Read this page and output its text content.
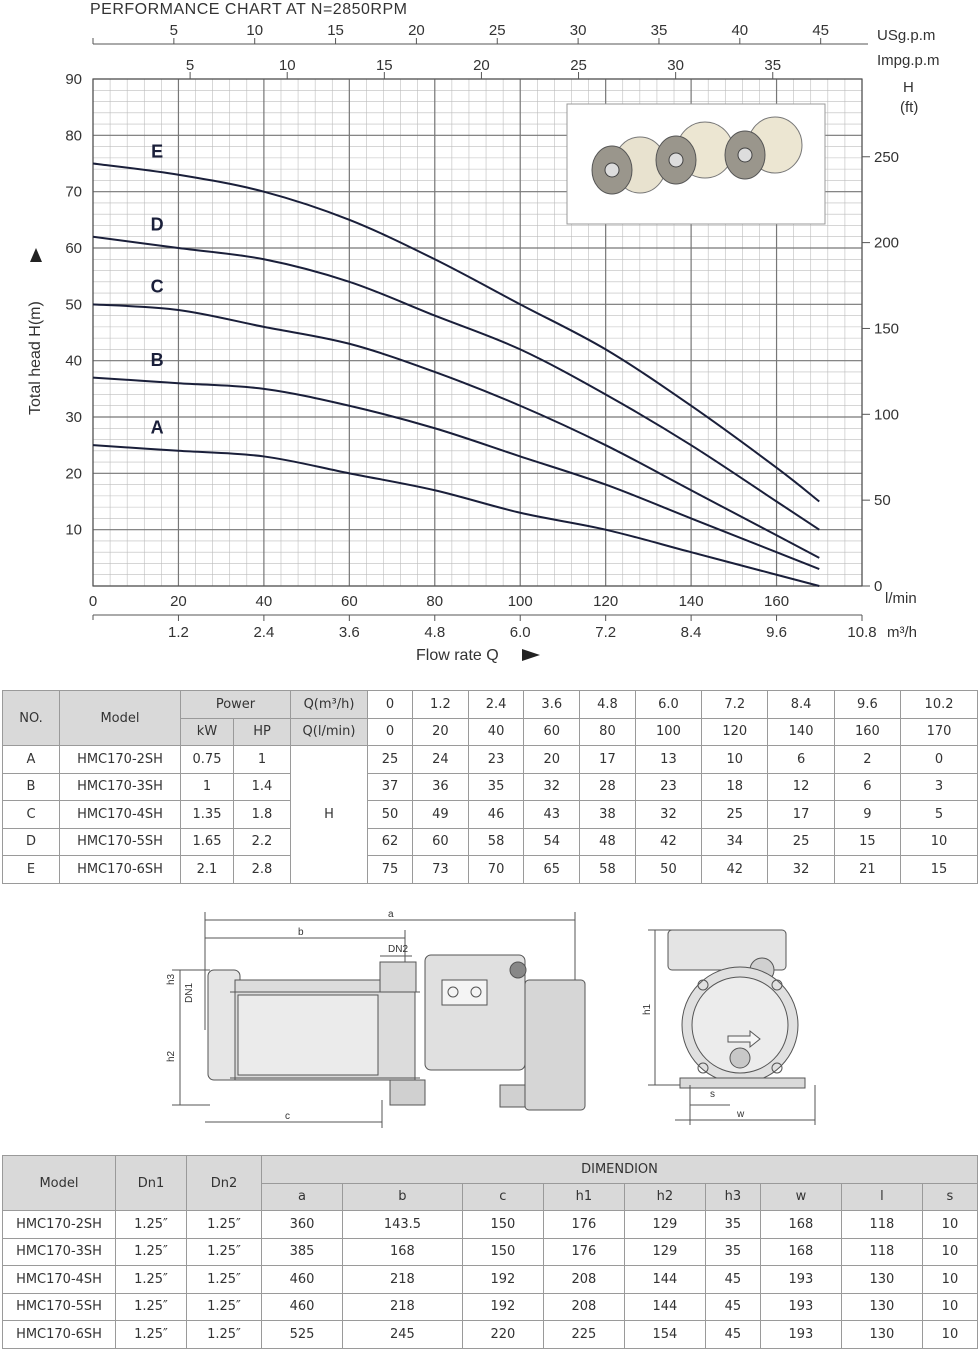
PERFORMANCE CHART AT N=2850RPM
10
20
30
40
50
60
70
80
90
0
50
100
150
200
250
0	20	40	60	80	100	120	140	160	l/min
1.2	2.4	3.6	4.8	6.0	7.2	8.4	9.6	10.8 m³/h
5	10	15	20	25	30	35	40	45	USg.p.m
5	10	15	20	25	30	35	Impg.p.m
A
B
C
D
E
Total head H(m)
Flow rate Q
H
(ft)
NO.	Model	Power		Q(m³/h)	0	1.2	2.4	3.6	4.8	6.0	7.2	8.4	9.6	10.2
		kW	HP	Q(l/min)	0	20	40	60	80	100	120	140	160	170
A	HMC170-2SH	0.75	1	H	25	24	23	20	17	13	10	6	2	0
B	HMC170-3SH	1	1.4		37	36	35	32	28	23	18	12	6	3
C	HMC170-4SH	1.35	1.8		50	49	46	43	38	32	25	17	9	5
D	HMC170-5SH	1.65	2.2		62	60	58	54	48	42	34	25	15	10
E	HMC170-6SH	2.1	2.8		75	73	70	65	58	50	42	32	21	15
a
b
c
DN2
h3
DN1
h2
h1
s
w
Model	Dn1	Dn2	DIMENDION								
			a	b	c	h1	h2	h3	w	l	s
HMC170-2SH	1.25″	1.25″	360	143.5	150	176	129	35	168	118	10
HMC170-3SH	1.25″	1.25″	385	168	150	176	129	35	168	118	10
HMC170-4SH	1.25″	1.25″	460	218	192	208	144	45	193	130	10
HMC170-5SH	1.25″	1.25″	460	218	192	208	144	45	193	130	10
HMC170-6SH	1.25″	1.25″	525	245	220	225	154	45	193	130	10
